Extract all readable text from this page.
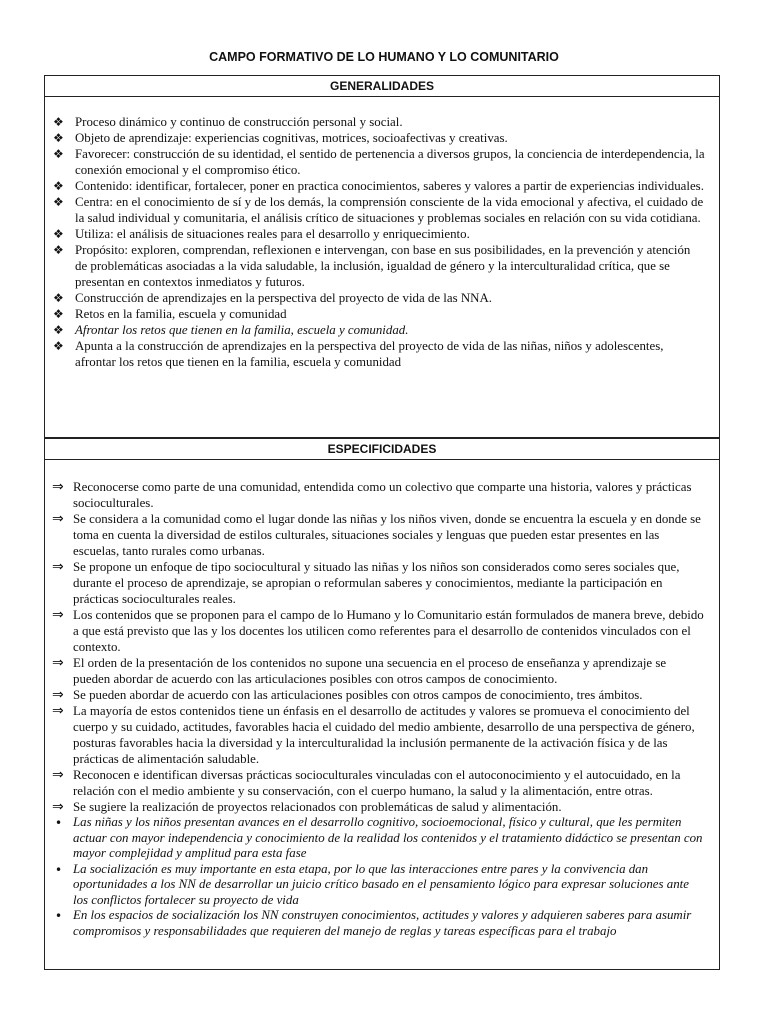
CAMPO FORMATIVO DE LO HUMANO Y LO COMUNITARIO
GENERALIDADES
❖ Proceso dinámico y continuo de construcción personal y social.
❖ Objeto de aprendizaje: experiencias cognitivas, motrices, socioafectivas y creativas.
❖ Favorecer: construcción de su identidad, el sentido de pertenencia a diversos grupos, la conciencia de interdependencia, la conexión emocional y el compromiso ético.
❖ Contenido: identificar, fortalecer, poner en practica conocimientos, saberes y valores a partir de experiencias individuales.
❖ Centra: en el conocimiento de sí y de los demás, la comprensión consciente de la vida emocional y afectiva, el cuidado de la salud individual y comunitaria, el análisis crítico de situaciones y problemas sociales en relación con su vida cotidiana.
❖ Utiliza: el análisis de situaciones reales para el desarrollo y enriquecimiento.
❖ Propósito: exploren, comprendan, reflexionen e intervengan, con base en sus posibilidades, en la prevención y atención de problemáticas asociadas a la vida saludable, la inclusión, igualdad de género y la interculturalidad crítica, que se presentan en contextos inmediatos y futuros.
❖ Construcción de aprendizajes en la perspectiva del proyecto de vida de las NNA.
❖ Retos en la familia, escuela y comunidad
❖ Afrontar los retos que tienen en la familia, escuela y comunidad.
❖ Apunta a la construcción de aprendizajes en la perspectiva del proyecto de vida de las niñas, niños y adolescentes, afrontar los retos que tienen en la familia, escuela y comunidad
ESPECIFICIDADES
⇒ Reconocerse como parte de una comunidad, entendida como un colectivo que comparte una historia, valores y prácticas socioculturales.
⇒ Se considera a la comunidad como el lugar donde las niñas y los niños viven, donde se encuentra la escuela y en donde se toma en cuenta la diversidad de estilos culturales, situaciones sociales y lenguas que pueden estar presentes en las escuelas, tanto rurales como urbanas.
⇒ Se propone un enfoque de tipo sociocultural y situado las niñas y los niños son considerados como seres sociales que, durante el proceso de aprendizaje, se apropian o reformulan saberes y conocimientos, mediante la participación en prácticas socioculturales reales.
⇒ Los contenidos que se proponen para el campo de lo Humano y lo Comunitario están formulados de manera breve, debido a que está previsto que las y los docentes los utilicen como referentes para el desarrollo de contenidos vinculados con el contexto.
⇒ El orden de la presentación de los contenidos no supone una secuencia en el proceso de enseñanza y aprendizaje se pueden abordar de acuerdo con las articulaciones posibles con otros campos de conocimiento.
⇒ Se pueden abordar de acuerdo con las articulaciones posibles con otros campos de conocimiento, tres ámbitos.
⇒ La mayoría de estos contenidos tiene un énfasis en el desarrollo de actitudes y valores se promueva el conocimiento del cuerpo y su cuidado, actitudes, favorables hacia el cuidado del medio ambiente, desarrollo de una perspectiva de género, posturas favorables hacia la diversidad y la interculturalidad la inclusión permanente de la activación física y de las prácticas de alimentación saludable.
⇒ Reconocen e identifican diversas prácticas socioculturales vinculadas con el autoconocimiento y el autocuidado, en la relación con el medio ambiente y su conservación, con el cuerpo humano, la salud y la alimentación, entre otras.
⇒ Se sugiere la realización de proyectos relacionados con problemáticas de salud y alimentación.
• Las niñas y los niños presentan avances en el desarrollo cognitivo, socioemocional, físico y cultural, que les permiten actuar con mayor independencia y conocimiento de la realidad los contenidos y el tratamiento didáctico se presentan con mayor complejidad y amplitud para esta fase
• La socialización es muy importante en esta etapa, por lo que las interacciones entre pares y la convivencia dan oportunidades a los NN de desarrollar un juicio crítico basado en el pensamiento lógico para expresar soluciones ante los conflictos fortalecer su proyecto de vida
• En los espacios de socialización los NN construyen conocimientos, actitudes y valores y adquieren saberes para asumir compromisos y responsabilidades que requieren del manejo de reglas y tareas específicas para el trabajo
